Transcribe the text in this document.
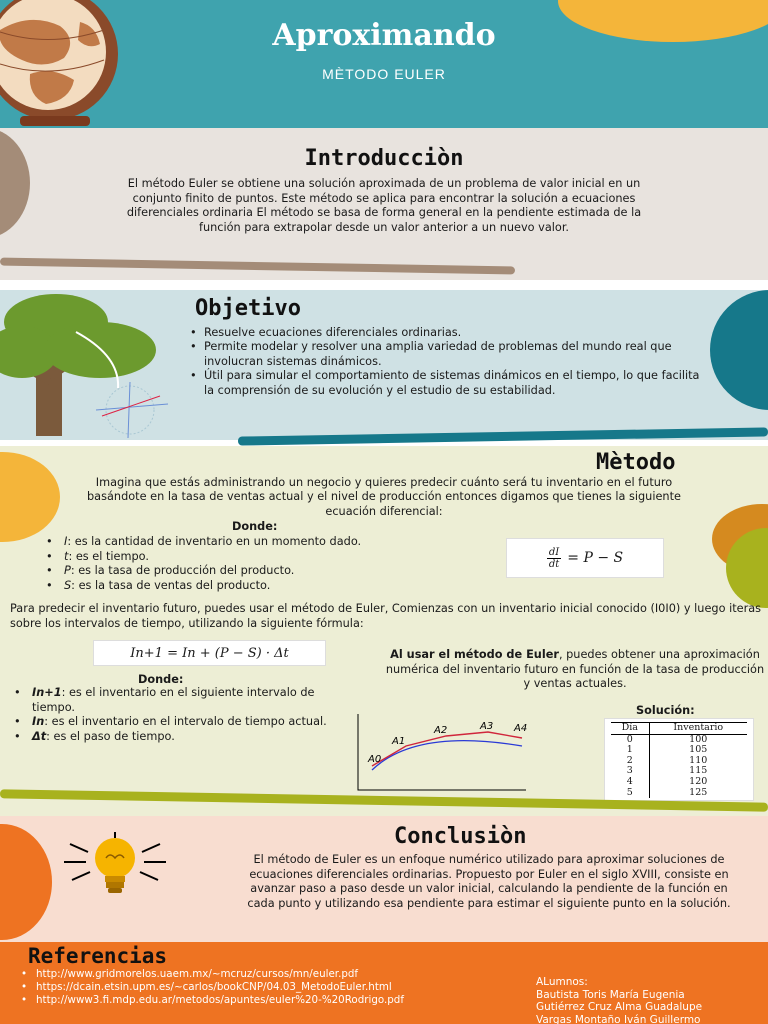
Aproximando
MÈTODO EULER
Introducciòn
El método Euler se obtiene una solución aproximada de un problema de valor inicial en un conjunto finito de puntos. Este método se aplica para encontrar la solución a ecuaciones diferenciales ordinaria El método se basa de forma general en la pendiente estimada de la función para extrapolar desde un valor anterior a un nuevo valor.
Objetivo
• Resuelve ecuaciones diferenciales ordinarias.
• Permite modelar y resolver una amplia variedad de problemas del mundo real que involucran sistemas dinámicos.
• Útil para simular el comportamiento de sistemas dinámicos en el tiempo, lo que facilita la comprensión de su evolución y el estudio de su estabilidad.
Mètodo
Imagina que estás administrando un negocio y quieres predecir cuánto será tu inventario en el futuro basándote en la tasa de ventas actual y el nivel de producción entonces digamos que tienes la siguiente ecuación diferencial:
Donde:
• I: es la cantidad de inventario en un momento dado.
• t: es el tiempo.
• P: es la tasa de producción del producto.
• S: es la tasa de ventas del producto.
$\frac{dI}{dt} = P - S$
Para predecir el inventario futuro, puedes usar el método de Euler, Comienzas con un inventario inicial conocido (I0I0) y luego iteras sobre los intervalos de tiempo, utilizando la siguiente fórmula:
In+1 = In + (P − S) · Δt
Donde:
• In+1: es el inventario en el siguiente intervalo de tiempo.
• In: es el inventario en el intervalo de tiempo actual.
• Δt: es el paso de tiempo.
Al usar el método de Euler, puedes obtener una aproximación numérica del inventario futuro en función de la tasa de producción y ventas actuales.
A0
A1
A2	A3 A4
Solución:
Día	Inventario
0	100
1	105
2	110
3	115
4	120
5	125
Conclusiòn
El método de Euler es un enfoque numérico utilizado para aproximar soluciones de ecuaciones diferenciales ordinarias. Propuesto por Euler en el siglo XVIII, consiste en avanzar paso a paso desde un valor inicial, calculando la pendiente de la función en cada punto y utilizando esa pendiente para estimar el siguiente punto en la solución.
Referencias
• http://www.gridmorelos.uaem.mx/~mcruz/cursos/mn/euler.pdf
• https://dcain.etsin.upm.es/~carlos/bookCNP/04.03_MetodoEuler.html
• http://www3.fi.mdp.edu.ar/metodos/apuntes/euler%20-%20Rodrigo.pdf
ALumnos:
Bautista Toris María Eugenia
Gutiérrez Cruz Alma Guadalupe
Vargas Montaño Iván Guillermo
